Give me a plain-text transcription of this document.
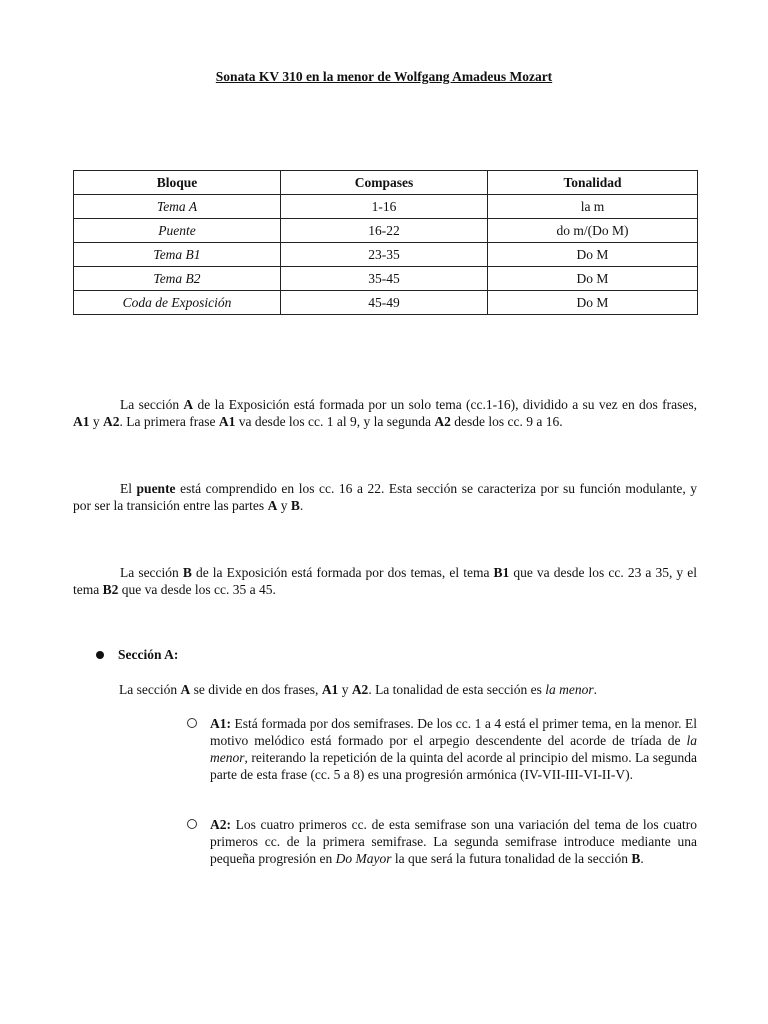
Sonata KV 310 en la menor de Wolfgang Amadeus Mozart
Bloque	Compases	Tonalidad
Tema A	1-16	la m
Puente	16-22	do m/(Do M)
Tema B1	23-35	Do M
Tema B2	35-45	Do M
Coda de Exposición	45-49	Do M

La sección A de la Exposición está formada por un solo tema (cc.1-16), dividido a su vez en dos frases, A1 y A2. La primera frase A1 va desde los cc. 1 al 9, y la segunda A2 desde los cc. 9 a 16.

El puente está comprendido en los cc. 16 a 22. Esta sección se caracteriza por su función modulante, y por ser la transición entre las partes A y B.

La sección B de la Exposición está formada por dos temas, el tema B1 que va desde los cc. 23 a 35, y el tema B2 que va desde los cc. 35 a 45.

Sección A:
La sección A se divide en dos frases, A1 y A2. La tonalidad de esta sección es la menor.

A1: Está formada por dos semifrases. De los cc. 1 a 4 está el primer tema, en la menor. El motivo melódico está formado por el arpegio descendente del acorde de tríada de la menor, reiterando la repetición de la quinta del acorde al principio del mismo. La segunda parte de esta frase (cc. 5 a 8) es una progresión armónica (IV-VII-III-VI-II-V).

A2: Los cuatro primeros cc. de esta semifrase son una variación del tema de los cuatro primeros cc. de la primera semifrase. La segunda semifrase introduce mediante una pequeña progresión en Do Mayor la que será la futura tonalidad de la sección B.
